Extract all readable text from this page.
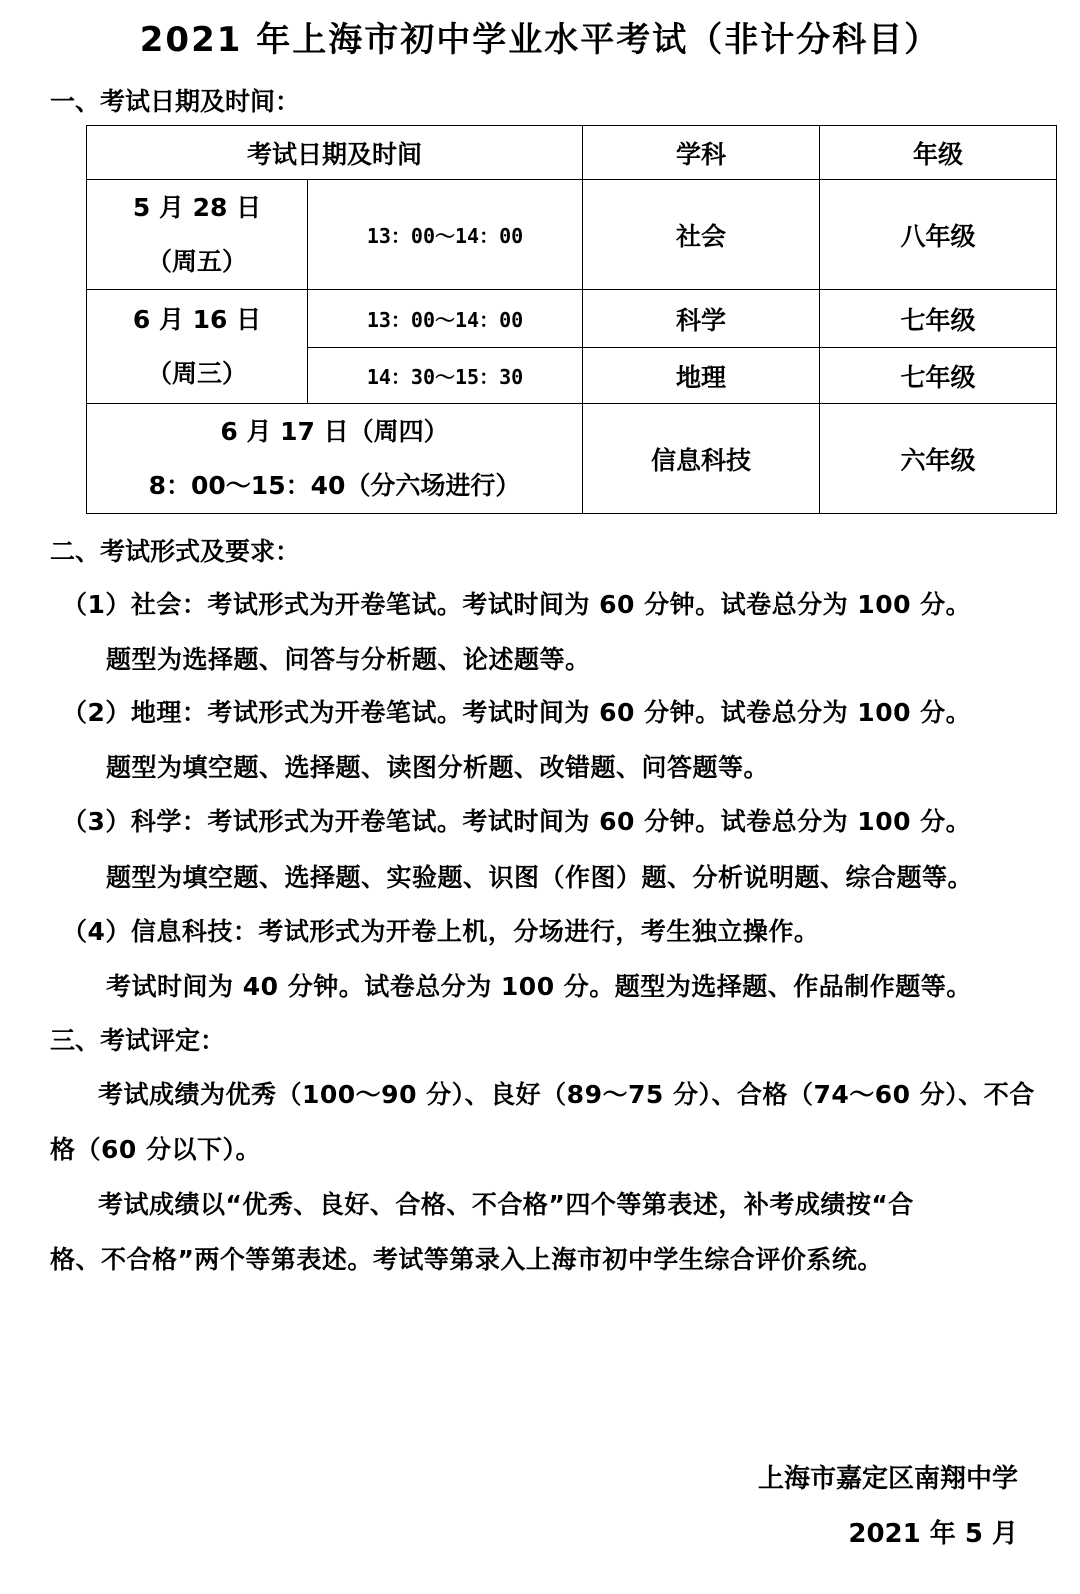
2021 年上海市初中学业水平考试（非计分科目）
一、考试日期及时间：
考试日期及时间		学科	年级

5 月 28 日
（周五）	13：00～14：00	社会	八年级

6 月 16 日
（周三）	13：00～14：00	科学	七年级
	14：30～15：30	地理	七年级

6 月 17 日（周四）
8：00～15：40（分六场进行）		信息科技	六年级
二、考试形式及要求：
（1）社会：考试形式为开卷笔试。考试时间为 60 分钟。试卷总分为 100 分。
题型为选择题、问答与分析题、论述题等。
（2）地理：考试形式为开卷笔试。考试时间为 60 分钟。试卷总分为 100 分。
题型为填空题、选择题、读图分析题、改错题、问答题等。
（3）科学：考试形式为开卷笔试。考试时间为 60 分钟。试卷总分为 100 分。
题型为填空题、选择题、实验题、识图（作图）题、分析说明题、综合题等。
（4）信息科技：考试形式为开卷上机，分场进行，考生独立操作。
考试时间为 40 分钟。试卷总分为 100 分。题型为选择题、作品制作题等。
三、考试评定：
考试成绩为优秀（100～90 分）、良好（89～75 分）、合格（74～60 分）、不合
格（60 分以下）。
考试成绩以“优秀、良好、合格、不合格”四个等第表述，补考成绩按“合
格、不合格”两个等第表述。考试等第录入上海市初中学生综合评价系统。
上海市嘉定区南翔中学
2021 年 5 月
